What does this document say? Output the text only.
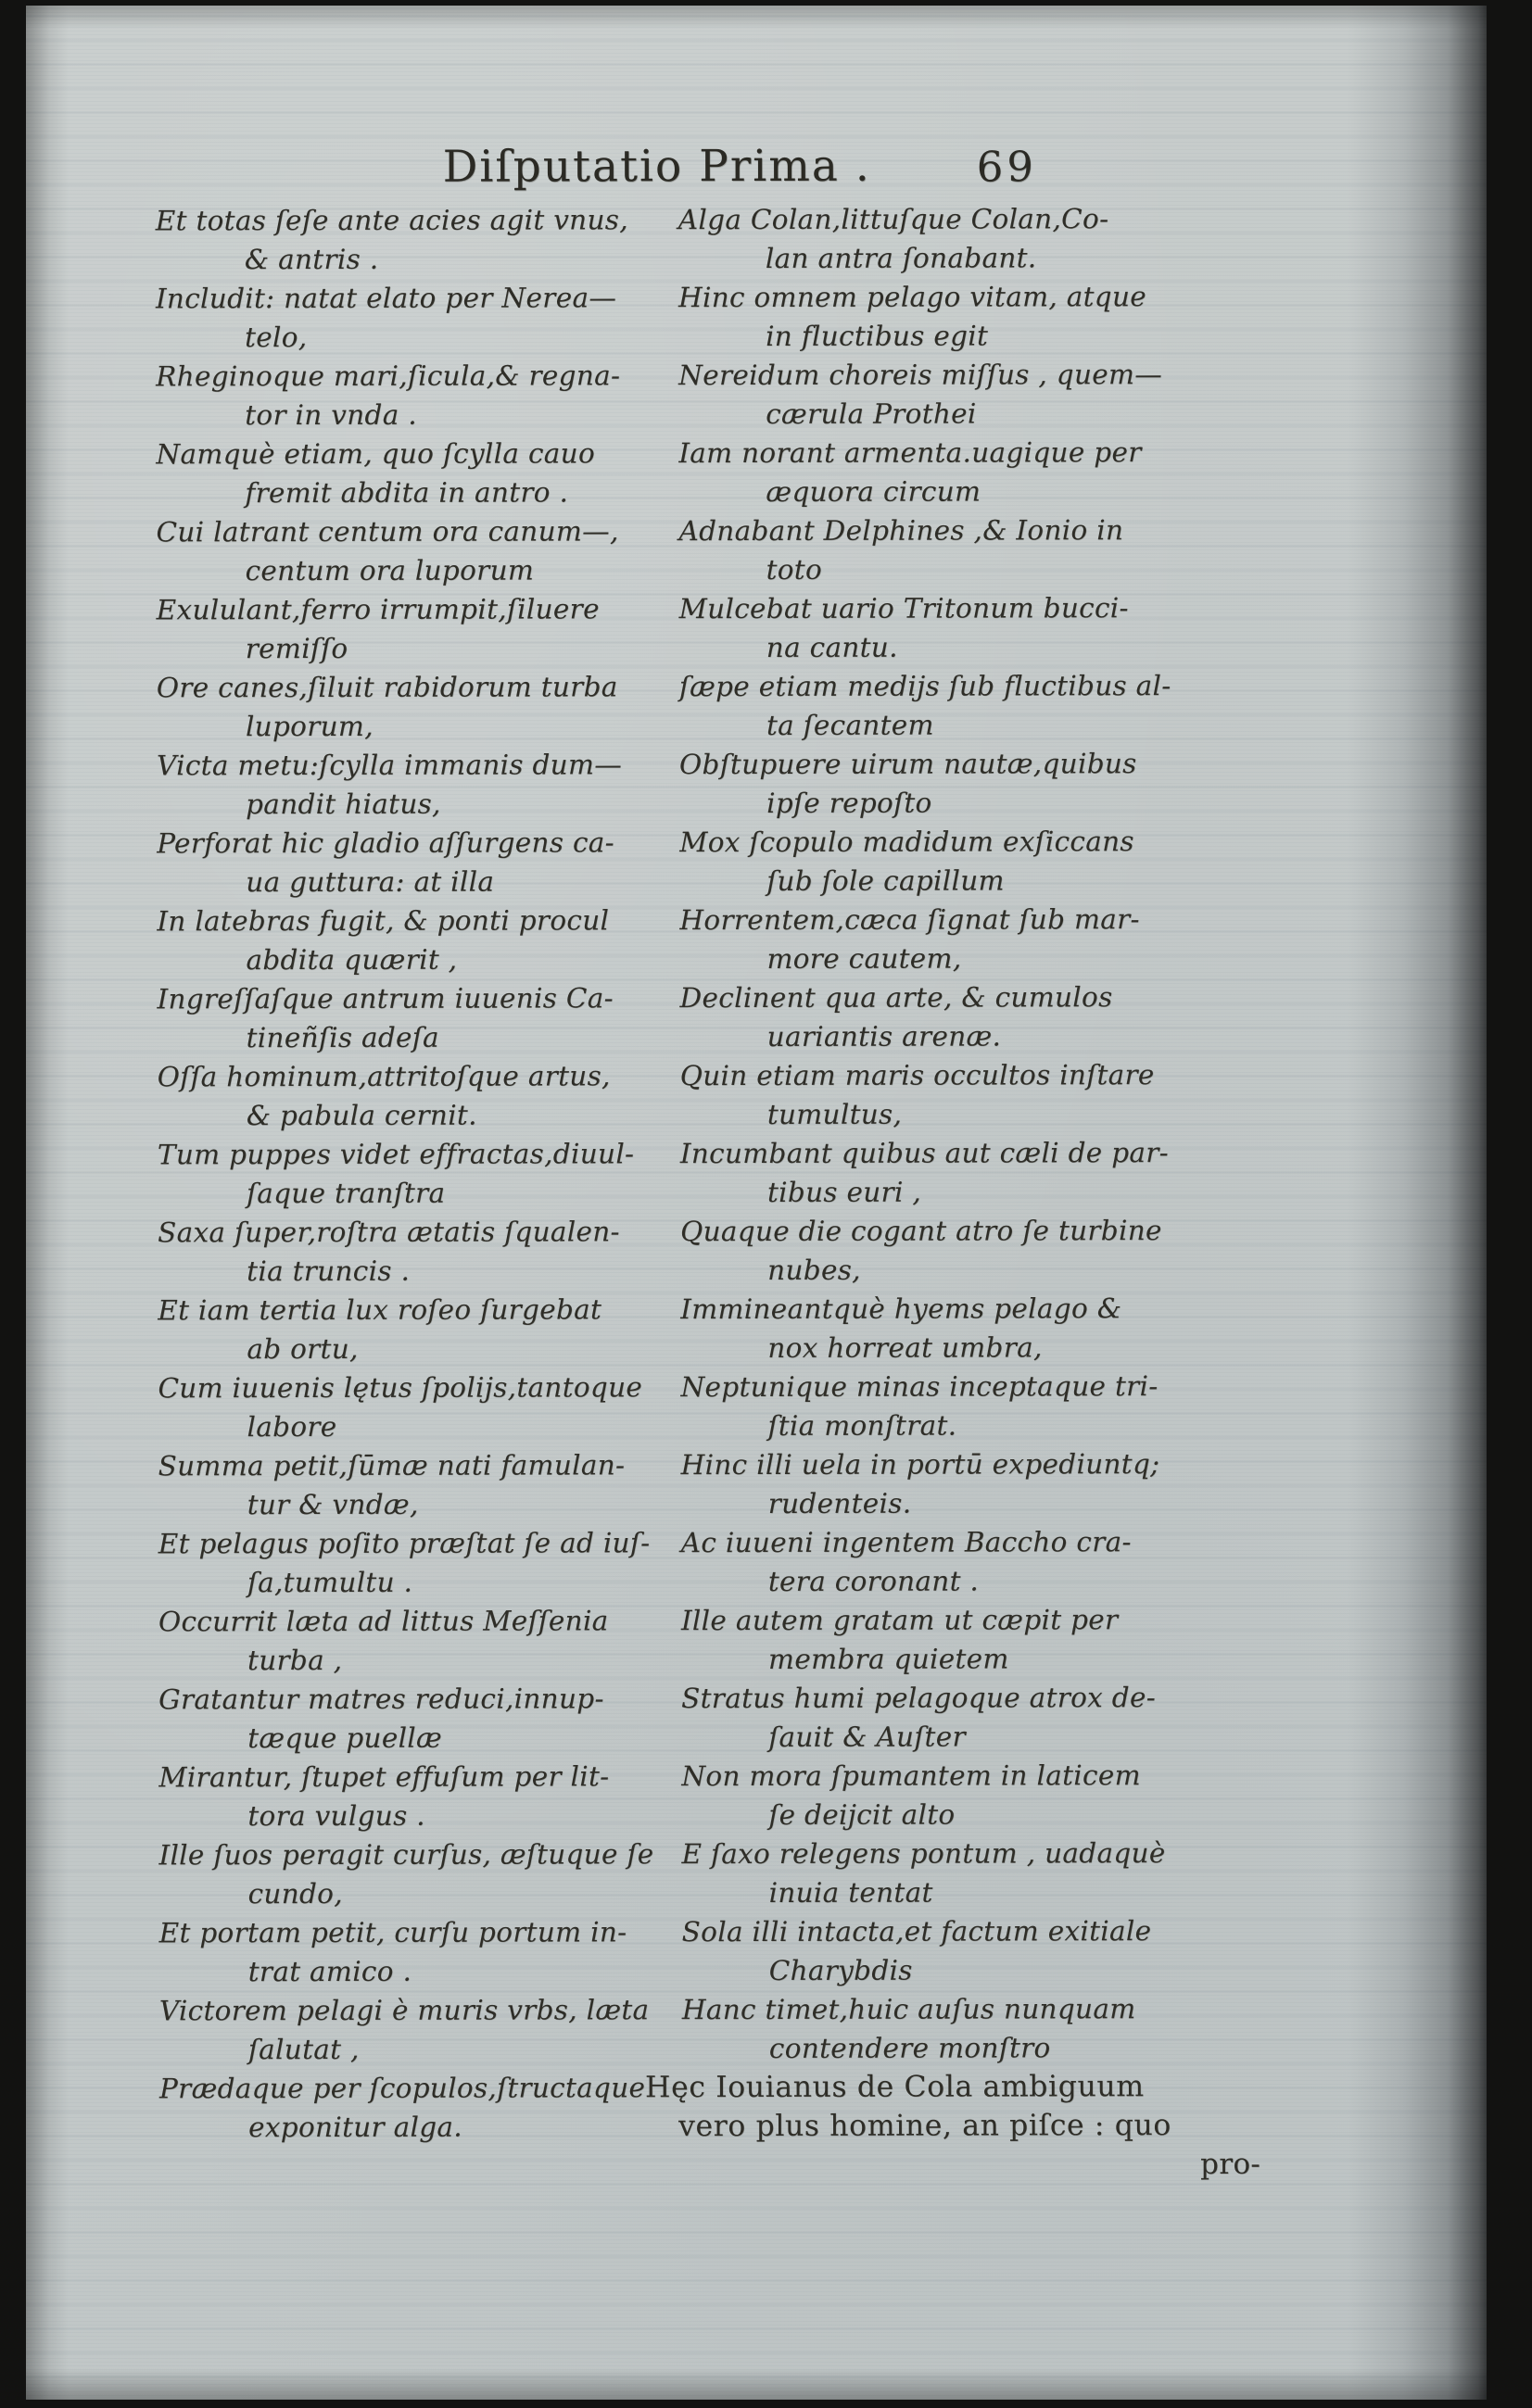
Diſputatio Prima .	69
Et totas ſeſe ante acies agit vnus,
& antris .
Includit: natat elato per Nerea—
telo,
Rheginoque mari,ſicula,& regna-
tor in vnda .
Namquè etiam, quo ſcylla cauo
fremit abdita in antro .
Cui latrant centum ora canum—,
centum ora luporum
Exululant,ferro irrumpit,ſiluere
remiſſo
Ore canes,ſiluit rabidorum turba
luporum,
Victa metu:ſcylla immanis dum—
pandit hiatus,
Perforat hic gladio aſſurgens ca-
ua guttura: at illa
In latebras fugit, & ponti procul
abdita quærit ,
Ingreſſaſque antrum iuuenis Ca-
tineñſis adeſa
Oſſa hominum,attritoſque artus,
& pabula cernit.
Tum puppes videt effractas,diuul-
ſaque tranſtra
Saxa ſuper,roſtra ætatis ſqualen-
tia truncis .
Et iam tertia lux roſeo ſurgebat
ab ortu,
Cum iuuenis lętus ſpolijs,tantoque
labore
Summa petit,ſūmæ nati famulan-
tur & vndæ,
Et pelagus poſito præſtat ſe ad iuſ-
ſa,tumultu .
Occurrit læta ad littus Meſſenia
turba ,
Gratantur matres reduci,innup-
tæque puellæ
Mirantur, ſtupet effuſum per lit-
tora vulgus .
Ille ſuos peragit curſus, æſtuque ſe
cundo,
Et portam petit, curſu portum in-
trat amico .
Victorem pelagi è muris vrbs, læta
ſalutat ,
Prædaque per ſcopulos,ſtructaque
exponitur alga.
Alga Colan,littuſque Colan,Co-
lan antra ſonabant.
Hinc omnem pelago vitam, atque
in fluctibus egit
Nereidum choreis miſſus , quem—
cærula Prothei
Iam norant armenta.uagique per
æquora circum
Adnabant Delphines ,& Ionio in
toto
Mulcebat uario Tritonum bucci-
na cantu.
ſæpe etiam medijs ſub fluctibus al-
ta ſecantem
Obſtupuere uirum nautæ,quibus
ipſe repoſto
Mox ſcopulo madidum exſiccans
ſub ſole capillum
Horrentem,cæca ſignat ſub mar-
more cautem,
Declinent qua arte, & cumulos
uariantis arenæ.
Quin etiam maris occultos inſtare
tumultus,
Incumbant quibus aut cæli de par-
tibus euri ,
Quaque die cogant atro ſe turbine
nubes,
Immineantquè hyems pelago &
nox horreat umbra,
Neptunique minas inceptaque tri-
ſtia monſtrat.
Hinc illi uela in portū expediuntq;
rudenteis.
Ac iuueni ingentem Baccho cra-
tera coronant .
Ille autem gratam ut cæpit per
membra quietem
Stratus humi pelagoque atrox de-
ſauit & Auſter
Non mora ſpumantem in laticem
ſe deijcit alto
E ſaxo relegens pontum , uadaquè
inuia tentat
Sola illi intacta,et factum exitiale
Charybdis
Hanc timet,huic auſus nunquam
contendere monſtro
Hęc Iouianus de Cola ambiguum
vero plus homine, an piſce : quo
pro-
